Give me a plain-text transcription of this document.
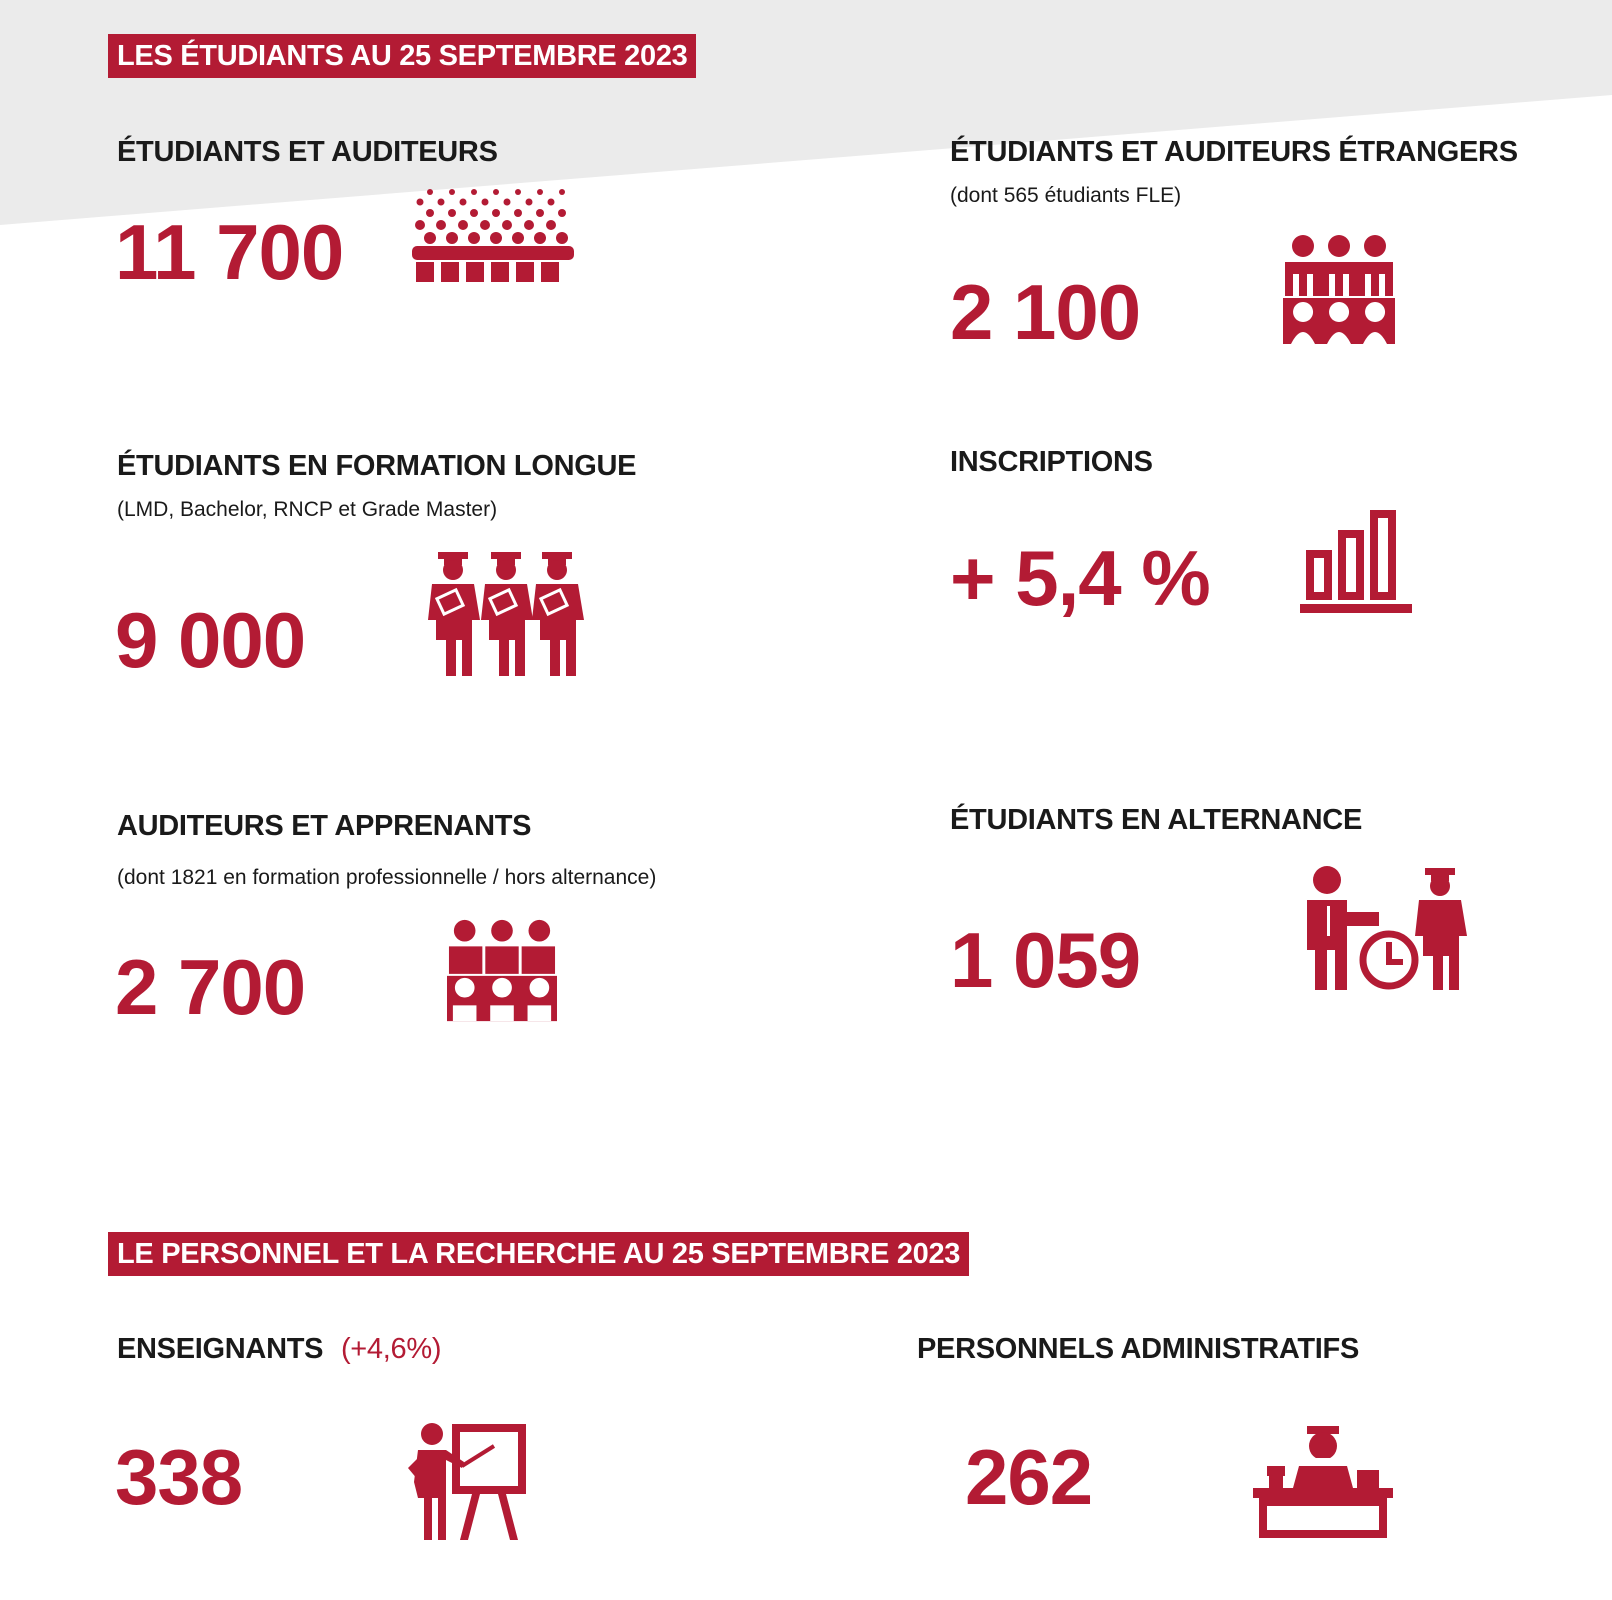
LES ÉTUDIANTS AU 25 SEPTEMBRE 2023
ÉTUDIANTS ET AUDITEURS
11 700
ÉTUDIANTS ET AUDITEURS ÉTRANGERS
(dont 565 étudiants FLE)
2 100
ÉTUDIANTS EN FORMATION LONGUE
(LMD, Bachelor, RNCP et Grade Master)
9 000
INSCRIPTIONS
+ 5,4 %
AUDITEURS ET APPRENANTS
(dont 1821 en formation professionnelle / hors alternance)
2 700
ÉTUDIANTS EN ALTERNANCE
1 059
LE PERSONNEL ET LA RECHERCHE AU 25 SEPTEMBRE 2023
ENSEIGNANTS (+4,6%)
338
PERSONNELS ADMINISTRATIFS
262
